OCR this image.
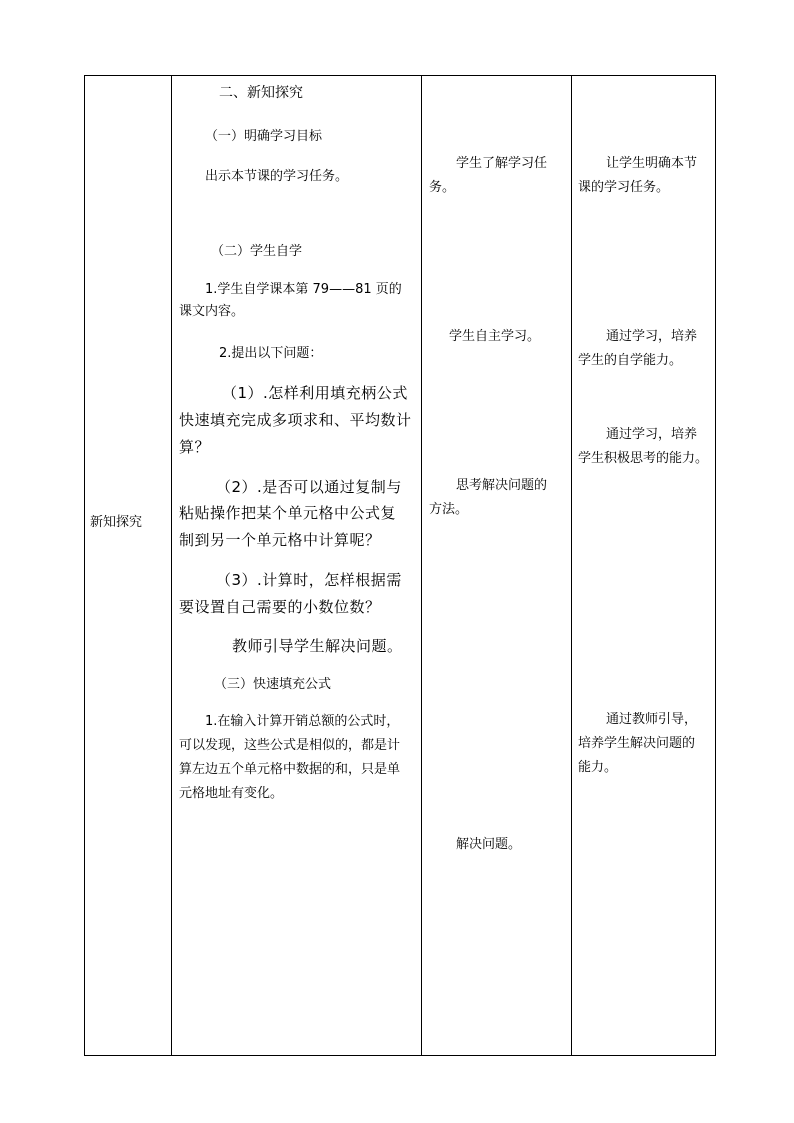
新知探究
二、新知探究
（一）明确学习目标
出示本节课的学习任务。
（二）学生自学
1.学生自学课本第 79——81 页的
课文内容。
2.提出以下问题：
（1）.怎样利用填充柄公式
快速填充完成多项求和、平均数计
算？
（2）.是否可以通过复制与
粘贴操作把某个单元格中公式复
制到另一个单元格中计算呢？
（3）.计算时，怎样根据需
要设置自己需要的小数位数？
教师引导学生解决问题。
（三）快速填充公式
1.在输入计算开销总额的公式时，
可以发现，这些公式是相似的，都是计
算左边五个单元格中数据的和，只是单
元格地址有变化。
学生了解学习任
务。
学生自主学习。
思考解决问题的
方法。
解决问题。
让学生明确本节
课的学习任务。
通过学习，培养
学生的自学能力。
通过学习，培养
学生积极思考的能力。
通过教师引导，
培养学生解决问题的
能力。
